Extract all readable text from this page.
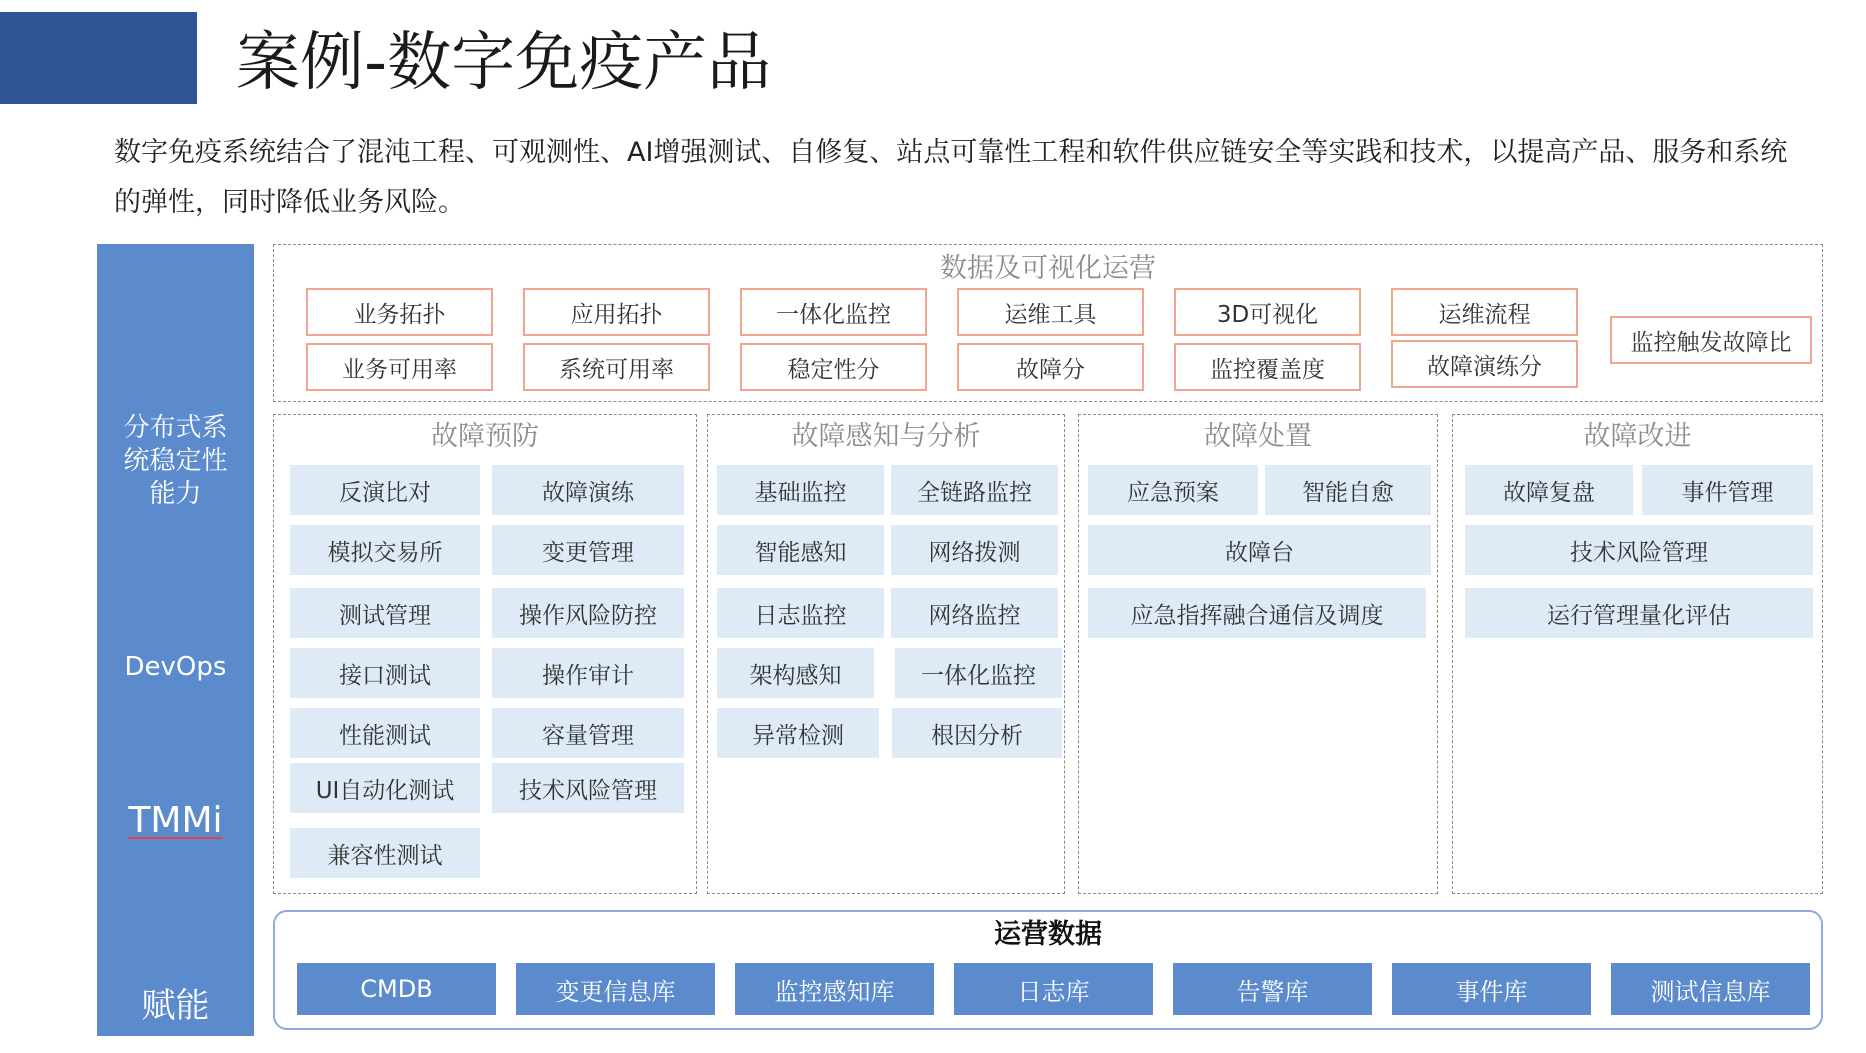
案例-数字免疫产品
数字免疫系统结合了混沌工程、可观测性、AI增强测试、自修复、站点可靠性工程和软件供应链安全等实践和技术，以提高产品、服务和系统的弹性，同时降低业务风险。
分布式系统稳定性能力
DevOps
TMMi
赋能
数据及可视化运营
业务拓扑	应用拓扑	一体化监控	运维工具	3D可视化	运维流程
业务可用率	系统可用率	稳定性分	故障分	监控覆盖度	故障演练分
监控触发故障比
故障预防
反演比对	故障演练
模拟交易所	变更管理
测试管理	操作风险防控
接口测试	操作审计
性能测试	容量管理
UI自动化测试	技术风险管理
兼容性测试
故障感知与分析
基础监控	全链路监控
智能感知	网络拨测
日志监控	网络监控
架构感知	一体化监控
异常检测	根因分析
故障处置
应急预案	智能自愈
故障台
应急指挥融合通信及调度
故障改进
故障复盘	事件管理
技术风险管理
运行管理量化评估
运营数据
CMDB	变更信息库	监控感知库	日志库	告警库	事件库	测试信息库
